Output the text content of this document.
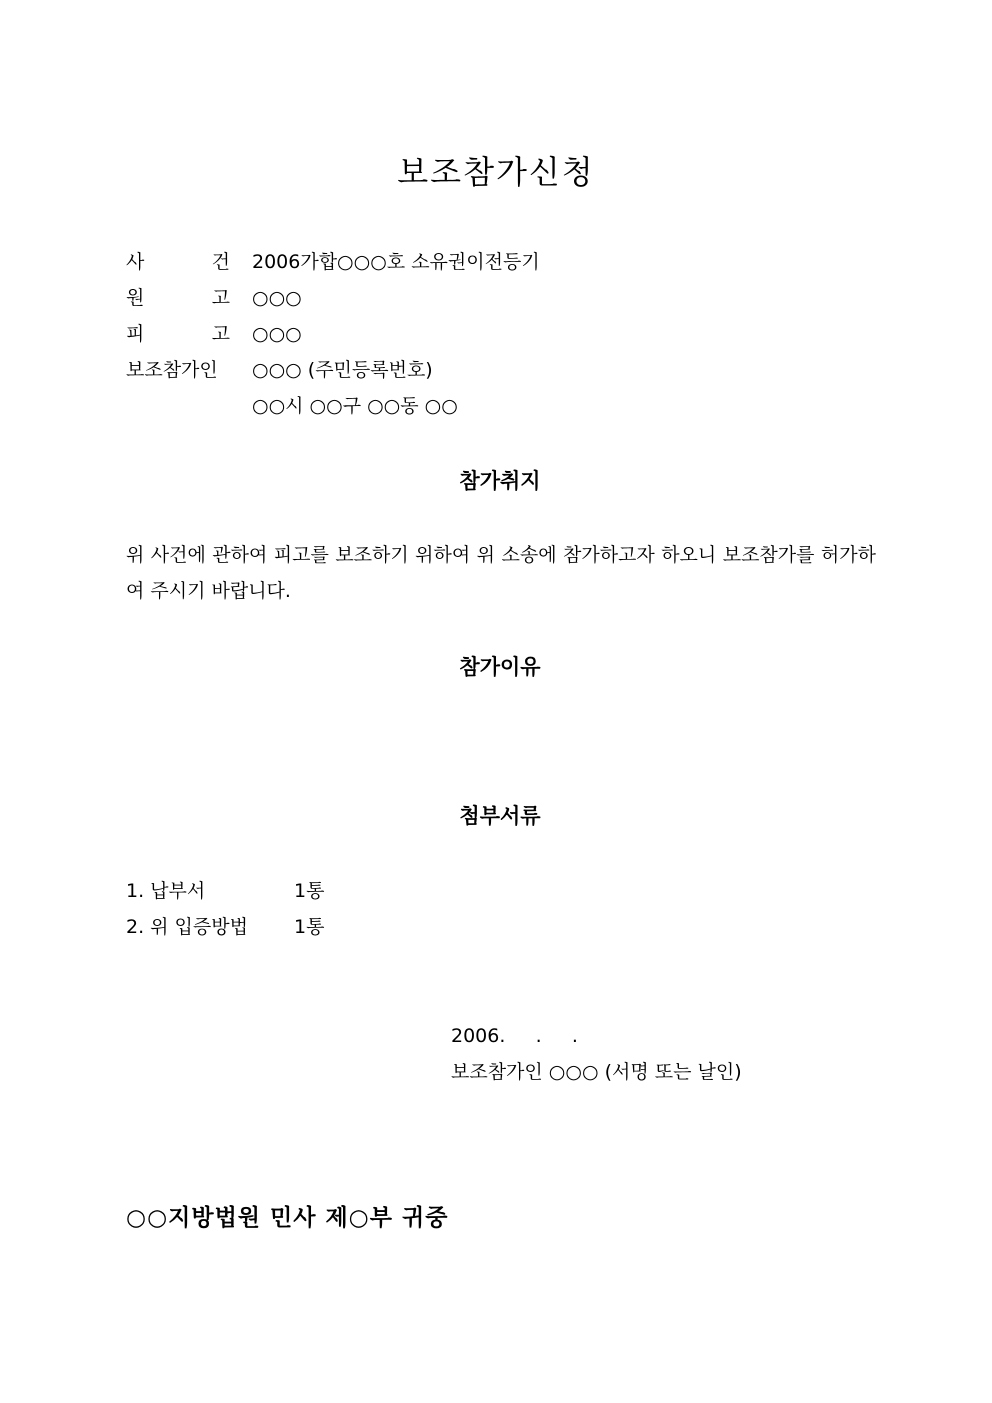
보조참가신청
사	건 2006가합○○○호 소유권이전등기
원	고 ○○○
피	고 ○○○
보조참가인 ○○○ (주민등록번호)
○○시 ○○구 ○○동 ○○
참가취지
위 사건에 관하여 피고를 보조하기 위하여 위 소송에 참가하고자 하오니 보조참가를 허가하여 주시기 바랍니다.
참가이유
첨부서류
1. 납부서	1통
2. 위 입증방법 1통
2006.     .     .
보조참가인 ○○○ (서명 또는 날인)
○○지방법원 민사 제○부 귀중
